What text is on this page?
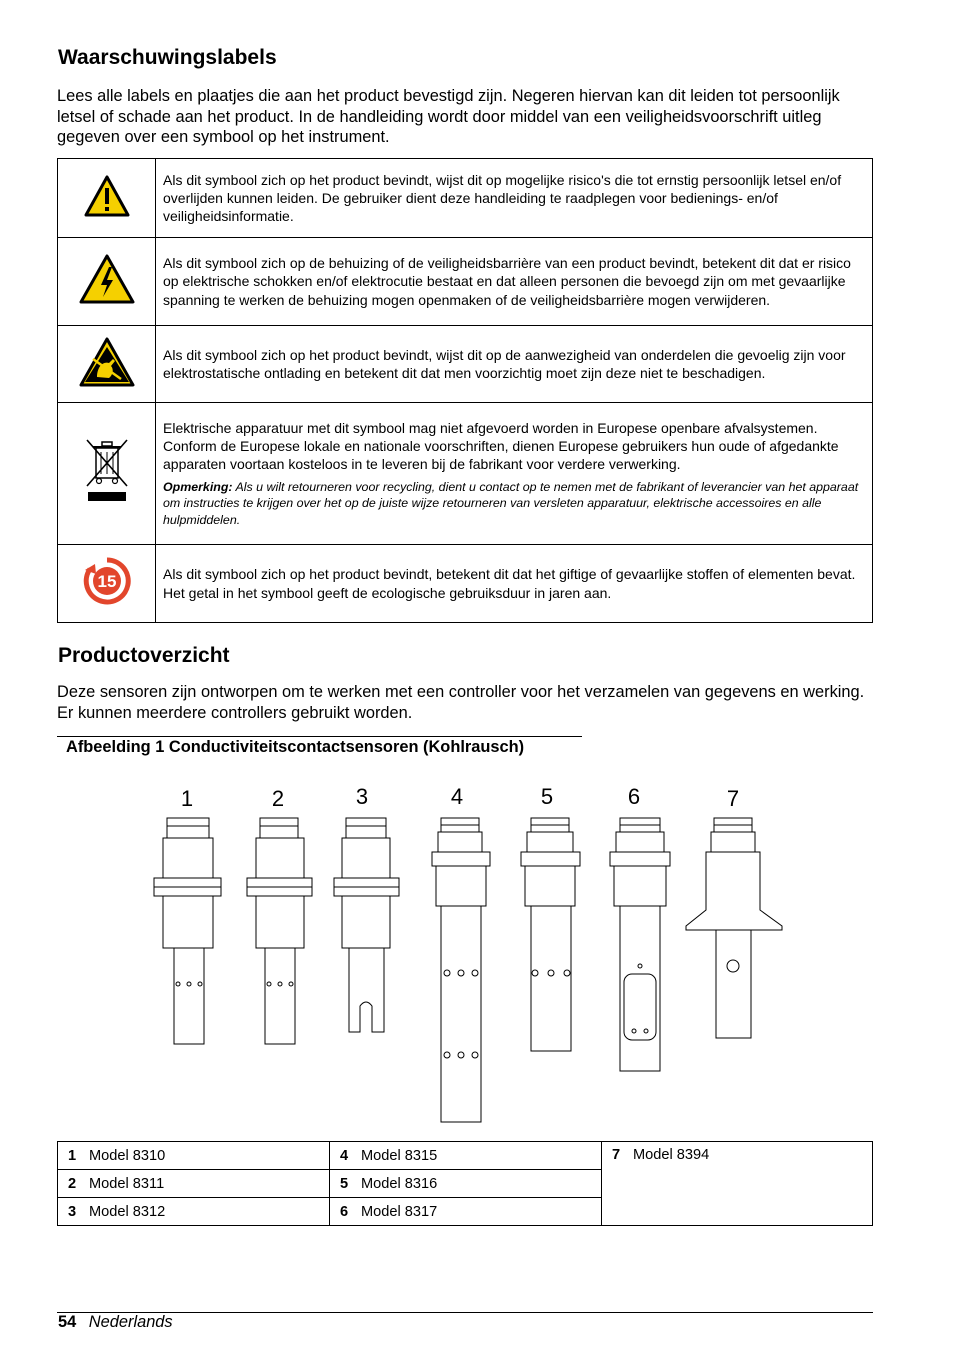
Waarschuwingslabels
Lees alle labels en plaatjes die aan het product bevestigd zijn. Negeren hiervan kan dit leiden tot persoonlijk letsel of schade aan het product. In de handleiding wordt door middel van een veiligheidsvoorschrift uitleg gegeven over een symbool op het instrument.
	Als dit symbool zich op het product bevindt, wijst dit op mogelijke risico's die tot ernstig persoonlijk letsel en/of overlijden kunnen leiden. De gebruiker dient deze handleiding te raadplegen voor bedienings- en/of veiligheidsinformatie.
	Als dit symbool zich op de behuizing of de veiligheidsbarrière van een product bevindt, betekent dit dat er risico op elektrische schokken en/of elektrocutie bestaat en dat alleen personen die bevoegd zijn om met gevaarlijke spanning te werken de behuizing mogen openmaken of de veiligheidsbarrière mogen verwijderen.
	Als dit symbool zich op het product bevindt, wijst dit op de aanwezigheid van onderdelen die gevoelig zijn voor elektrostatische ontlading en betekent dit dat men voorzichtig moet zijn deze niet te beschadigen.

Elektrische apparatuur met dit symbool mag niet afgevoerd worden in Europese openbare afvalsystemen. Conform de Europese lokale en nationale voorschriften, dienen Europese gebruikers hun oude of afgedankte apparaten voortaan kosteloos in te leveren bij de fabrikant voor verdere verwerking.
Opmerking: Als u wilt retourneren voor recycling, dient u contact op te nemen met de fabrikant of leverancier van het apparaat om instructies te krijgen over het op de juiste wijze retourneren van versleten apparatuur, elektrische accessoires en alle hulpmiddelen.

15	Als dit symbool zich op het product bevindt, betekent dit dat het giftige of gevaarlijke stoffen of elementen bevat. Het getal in het symbool geeft de ecologische gebruiksduur in jaren aan.
Productoverzicht
Deze sensoren zijn ontworpen om te werken met een controller voor het verzamelen van gegevens en werking. Er kunnen meerdere controllers gebruikt worden.
Afbeelding 1 Conductiviteitscontactsensoren (Kohlrausch)
1	2	3	4	5	6	7
1 Model 8310	4 Model 8315	7 Model 8394
2 Model 8311	5 Model 8316	
3 Model 8312	6 Model 8317	
54 Nederlands
